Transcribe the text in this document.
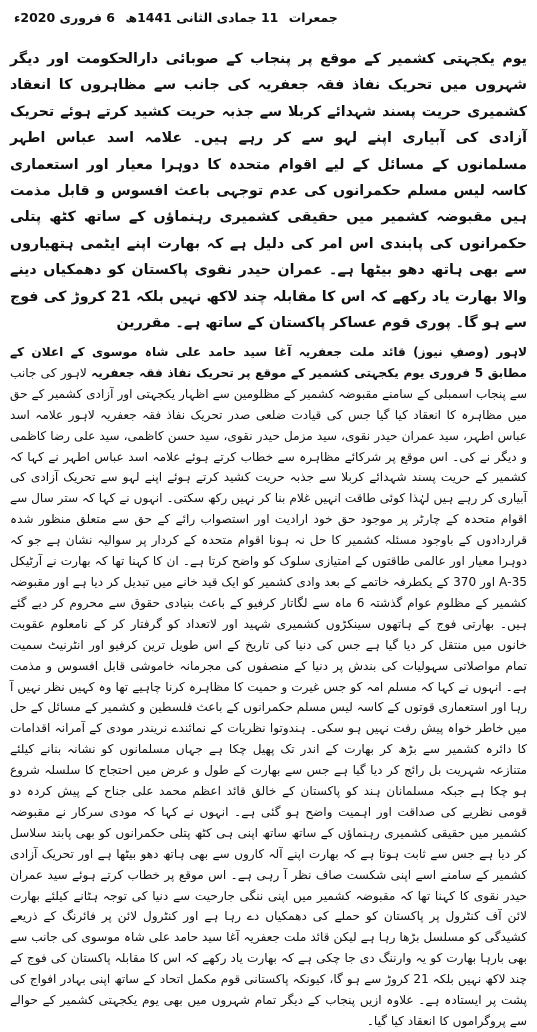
جمعرات 11 جمادی الثانی 1441ھ 6 فروری 2020ء
یوم یکجہتی کشمیر کے موقع پر پنجاب کے صوبائی دارالحکومت اور دیگر شہروں میں تحریک نفاذ فقہ جعفریہ کی جانب سے مظاہروں کا انعقاد کشمیری حریت پسند شہدائے کربلا سے جذبہ حریت کشید کرتے ہوئے تحریک آزادی کی آبیاری اپنے لہو سے کر رہے ہیں۔ علامہ اسد عباس اطہر مسلمانوں کے مسائل کے لیے اقوام متحدہ کا دوہرا معیار اور استعماری کاسہ لیس مسلم حکمرانوں کی عدم توجہی باعث افسوس و قابل مذمت ہیں مقبوضہ کشمیر میں حقیقی کشمیری رہنماؤں کے ساتھ کٹھ پتلی حکمرانوں کی پابندی اس امر کی دلیل ہے کہ بھارت اپنے ایٹمی ہتھیاروں سے بھی ہاتھ دھو بیٹھا ہے۔ عمران حیدر نقوی پاکستان کو دھمکیاں دینے والا بھارت یاد رکھے کہ اس کا مقابلہ چند لاکھ نہیں بلکہ 21 کروڑ کی فوج سے ہو گا۔ پوری قوم عساکر پاکستان کے ساتھ ہے۔ مقررین
لاہور (وصفِ نیوز) قائد ملت جعفریہ آغا سید حامد علی شاہ موسوی کے اعلان کے مطابق 5 فروری یوم یکجہتی کشمیر کے موقع پر تحریک نفاذ فقہ جعفریہ لاہور کی جانب سے پنجاب اسمبلی کے سامنے مقبوضہ کشمیر کے مظلومین سے اظہار یکجہتی اور آزادی کشمیر کے حق میں مظاہرہ کا انعقاد کیا گیا جس کی قیادت ضلعی صدر تحریک نفاذ فقہ جعفریہ لاہور علامہ اسد عباس اطہر، سید عمران حیدر نقوی، سید مزمل حیدر نقوی، سید حسن کاظمی، سید علی رضا کاظمی و دیگر نے کی۔ اس موقع پر شرکائے مظاہرہ سے خطاب کرتے ہوئے علامہ اسد عباس اطہر نے کہا کہ کشمیر کے حریت پسند شہدائے کربلا سے جذبہ حریت کشید کرتے ہوئے اپنے لہو سے تحریک آزادی کی آبیاری کر رہے ہیں لہٰذا کوئی طاقت انہیں غلام بنا کر نہیں رکھ سکتی۔ انہوں نے کہا کہ ستر سال سے اقوام متحدہ کے چارٹر پر موجود حق خود ارادیت اور استصواب رائے کے حق سے متعلق منظور شدہ قراردادوں کے باوجود مسئلہ کشمیر کا حل نہ ہونا اقوام متحدہ کے کردار پر سوالیہ نشان ہے جو کہ دوہرا معیار اور عالمی طاقتوں کے امتیازی سلوک کو واضح کرتا ہے۔ ان کا کہنا تھا کہ بھارت نے آرٹیکل 35-A اور 370 کے یکطرفہ خاتمے کے بعد وادی کشمیر کو ایک قید خانے میں تبدیل کر دیا ہے اور مقبوضہ کشمیر کے مظلوم عوام گذشتہ 6 ماہ سے لگاتار کرفیو کے باعث بنیادی حقوق سے محروم کر دیے گئے ہیں۔ بھارتی فوج کے ہاتھوں سینکڑوں کشمیری شہید اور لاتعداد کو گرفتار کر کے نامعلوم عقوبت خانوں میں منتقل کر دیا گیا ہے جس کی دنیا کی تاریخ کے اس طویل ترین کرفیو اور انٹرنیٹ سمیت تمام مواصلاتی سہولیات کی بندش پر دنیا کے منصفوں کی مجرمانہ خاموشی قابل افسوس و مذمت ہے۔ انہوں نے کہا کہ مسلم امہ کو جس غیرت و حمیت کا مظاہرہ کرنا چاہیے تھا وہ کہیں نظر نہیں آ رہا اور استعماری قوتوں کے کاسہ لیس مسلم حکمرانوں کے باعث فلسطین و کشمیر کے مسائل کے حل میں خاطر خواہ پیش رفت نہیں ہو سکی۔ ہندوتوا نظریات کے نمائندے نریندر مودی کے آمرانہ اقدامات کا دائرہ کشمیر سے بڑھ کر بھارت کے اندر تک پھیل چکا ہے جہاں مسلمانوں کو نشانہ بنانے کیلئے متنازعہ شہریت بل رائج کر دیا گیا ہے جس سے بھارت کے طول و عرض میں احتجاج کا سلسلہ شروع ہو چکا ہے جبکہ مسلمانان ہند کو پاکستان کے خالق قائد اعظم محمد علی جناح کے پیش کردہ دو قومی نظریے کی صداقت اور اہمیت واضح ہو گئی ہے۔ انہوں نے کہا کہ مودی سرکار نے مقبوضہ کشمیر میں حقیقی کشمیری رہنماؤں کے ساتھ ساتھ اپنی ہی کٹھ پتلی حکمرانوں کو بھی پابند سلاسل کر دیا ہے جس سے ثابت ہوتا ہے کہ بھارت اپنے آلہ کاروں سے بھی ہاتھ دھو بیٹھا ہے اور تحریک آزادی کشمیر کے سامنے اسے اپنی شکست صاف نظر آ رہی ہے۔ اس موقع پر خطاب کرتے ہوئے سید عمران حیدر نقوی کا کہنا تھا کہ مقبوضہ کشمیر میں اپنی ننگی جارحیت سے دنیا کی توجہ ہٹانے کیلئے بھارت لائن آف کنٹرول پر پاکستان کو حملے کی دھمکیاں دے رہا ہے اور کنٹرول لائن پر فائرنگ کے ذریعے کشیدگی کو مسلسل بڑھا رہا ہے لیکن قائد ملت جعفریہ آغا سید حامد علی شاہ موسوی کی جانب سے بھی بارہا بھارت کو یہ وارننگ دی جا چکی ہے کہ بھارت یاد رکھے کہ اس کا مقابلہ پاکستان کی فوج کے چند لاکھ نہیں بلکہ 21 کروڑ سے ہو گا، کیونکہ پاکستانی قوم مکمل اتحاد کے ساتھ اپنی بہادر افواج کی پشت پر ایستادہ ہے۔ علاوہ ازیں پنجاب کے دیگر تمام شہروں میں بھی یوم یکجہتی کشمیر کے حوالے سے پروگراموں کا انعقاد کیا گیا۔
